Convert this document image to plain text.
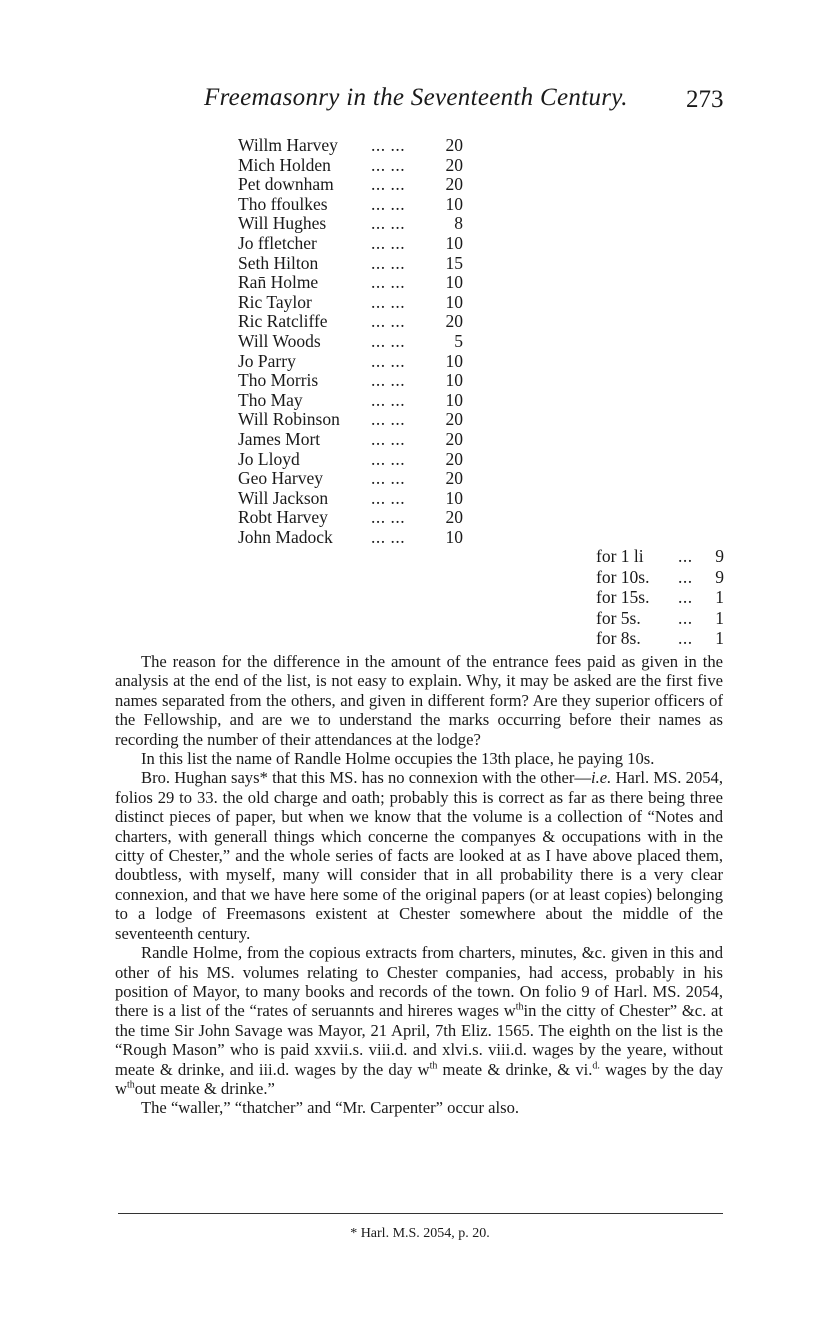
Freemasonry in the Seventeenth Century. 273
Willm Harvey ... ... 20
Mich Holden ... ... 20
Pet downham ... ... 20
Tho ffoulkes ... ... 10
Will Hughes	... ...	8
Jo ffletcher	... ... 10
Seth Hilton	... ... 15
Ran̄ Holme	... ... 10
Ric Taylor	... ... 10
Ric Ratcliffe ... ... 20
Will Woods	... ...	5
Jo Parry	... ... 10
Tho Morris	... ... 10
Tho May	... ... 10
Will Robinson ... ... 20
James Mort	... ... 20
Jo Lloyd	... ... 20
Geo Harvey	... ... 20
Will Jackson ... ... 10
Robt Harvey ... ... 20
John Madock ... ... 10
for 1 li ... 9
for 10s. ... 9
for 15s. ... 1
for 5s. ... 1
for 8s. ... 1

The reason for the difference in the amount of the entrance fees paid as given in the analysis at the end of the list, is not easy to explain. Why, it may be asked are the first five names separated from the others, and given in different form? Are they superior officers of the Fellowship, and are we to understand the marks occurring before their names as recording the number of their attendances at the lodge?

In this list the name of Randle Holme occupies the 13th place, he paying 10s.

Bro. Hughan says* that this MS. has no connexion with the other—i.e. Harl. MS. 2054, folios 29 to 33. the old charge and oath; probably this is correct as far as there being three distinct pieces of paper, but when we know that the volume is a collection of “Notes and charters, with generall things which concerne the companyes & occupations with in the citty of Chester,” and the whole series of facts are looked at as I have above placed them, doubtless, with myself, many will consider that in all probability there is a very clear connexion, and that we have here some of the original papers (or at least copies) belonging to a lodge of Freemasons existent at Chester somewhere about the middle of the seventeenth century.

Randle Holme, from the copious extracts from charters, minutes, &c. given in this and other of his MS. volumes relating to Chester companies, had access, probably in his position of Mayor, to many books and records of the town. On folio 9 of Harl. MS. 2054, there is a list of the “rates of seruannts and hireres wages $w^{th}in$ the citty of Chester” &c. at the time Sir John Savage was Mayor, 21 April, 7th Eliz. 1565. The eighth on the list is the “Rough Mason” who is paid xxvii.s. viii.d. and xlvi.s. viii.d. wages by the yeare, without meate & drinke, and iii.d. wages by the day $w^{th}$ meate & drinke, & vi.$^{d.}$ wages by the day $w^{th}out$ meate & drinke.”

The “waller,” “thatcher” and “Mr. Carpenter” occur also.

* Harl. M.S. 2054, p. 20.
